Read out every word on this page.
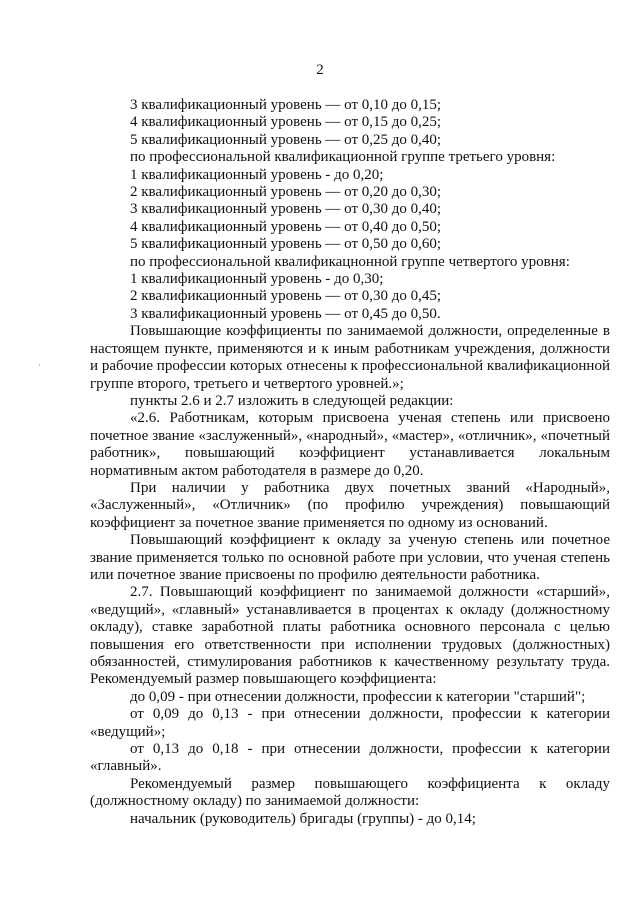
2
·
3 квалификационный уровень — от 0,10 до 0,15;
4 квалификационный уровень — от 0,15 до 0,25;
5 квалификационный уровень — от 0,25 до 0,40;
по профессиональной квалификационной группе третьего уровня:
1 квалификационный уровень - до 0,20;
2 квалификационный уровень — от 0,20 до 0,30;
3 квалификационный уровень — от 0,30 до 0,40;
4 квалификационный уровень — от 0,40 до 0,50;
5 квалификационный уровень — от 0,50 до 0,60;
по профессиональной квалификацнонной группе четвертого уровня:
1 квалификационный уровень - до 0,30;
2 квалификационный уровень — от 0,30 до 0,45;
3 квалификационный уровень — от 0,45 до 0,50.

Повышающие коэффициенты по занимаемой должности, определенные в настоящем пункте, применяются и к иным работникам учреждения, должности и рабочие профессии которых отнесены к профессиональной квалификационной группе второго, третьего и четвертого уровней.»;

пункты 2.6 и 2.7 изложить в следующей редакции:

«2.6. Работникам, которым присвоена ученая степень или присвоено почетное звание «заслуженный», «народный», «мастер», «отличник», «почетный работник», повышающий коэффициент устанавливается локальным нормативным актом работодателя в размере до 0,20.

При наличии у работника двух почетных званий «Народный», «Заслуженный», «Отличник» (по профилю учреждения) повышающий коэффициент за почетное звание применяется по одному из оснований.

Повышающий коэффициент к окладу за ученую степень или почетное звание применяется только по основной работе при условии, что ученая степень или почетное звание присвоены по профилю деятельности работника.

2.7. Повышающий коэффициент по занимаемой должности «старший», «ведущий», «главный» устанавливается в процентах к окладу (должностному окладу), ставке заработной платы работника основного персонала с целью повышения его ответственности при исполнении трудовых (должностных) обязанностей, стимулирования работников к качественному результату труда. Рекомендуемый размер повышающего коэффициента:

до 0,09 - при отнесении должности, профессии к категории "старший";

от 0,09 до 0,13 - при отнесении должности, профессии к категории «ведущий»;

от 0,13 до 0,18 - при отнесении должности, профессии к категории «главный».

Рекомендуемый размер повышающего коэффициента к окладу (должностному окладу) по занимаемой должности:

начальник (руководитель) бригады (группы) - до 0,14;
